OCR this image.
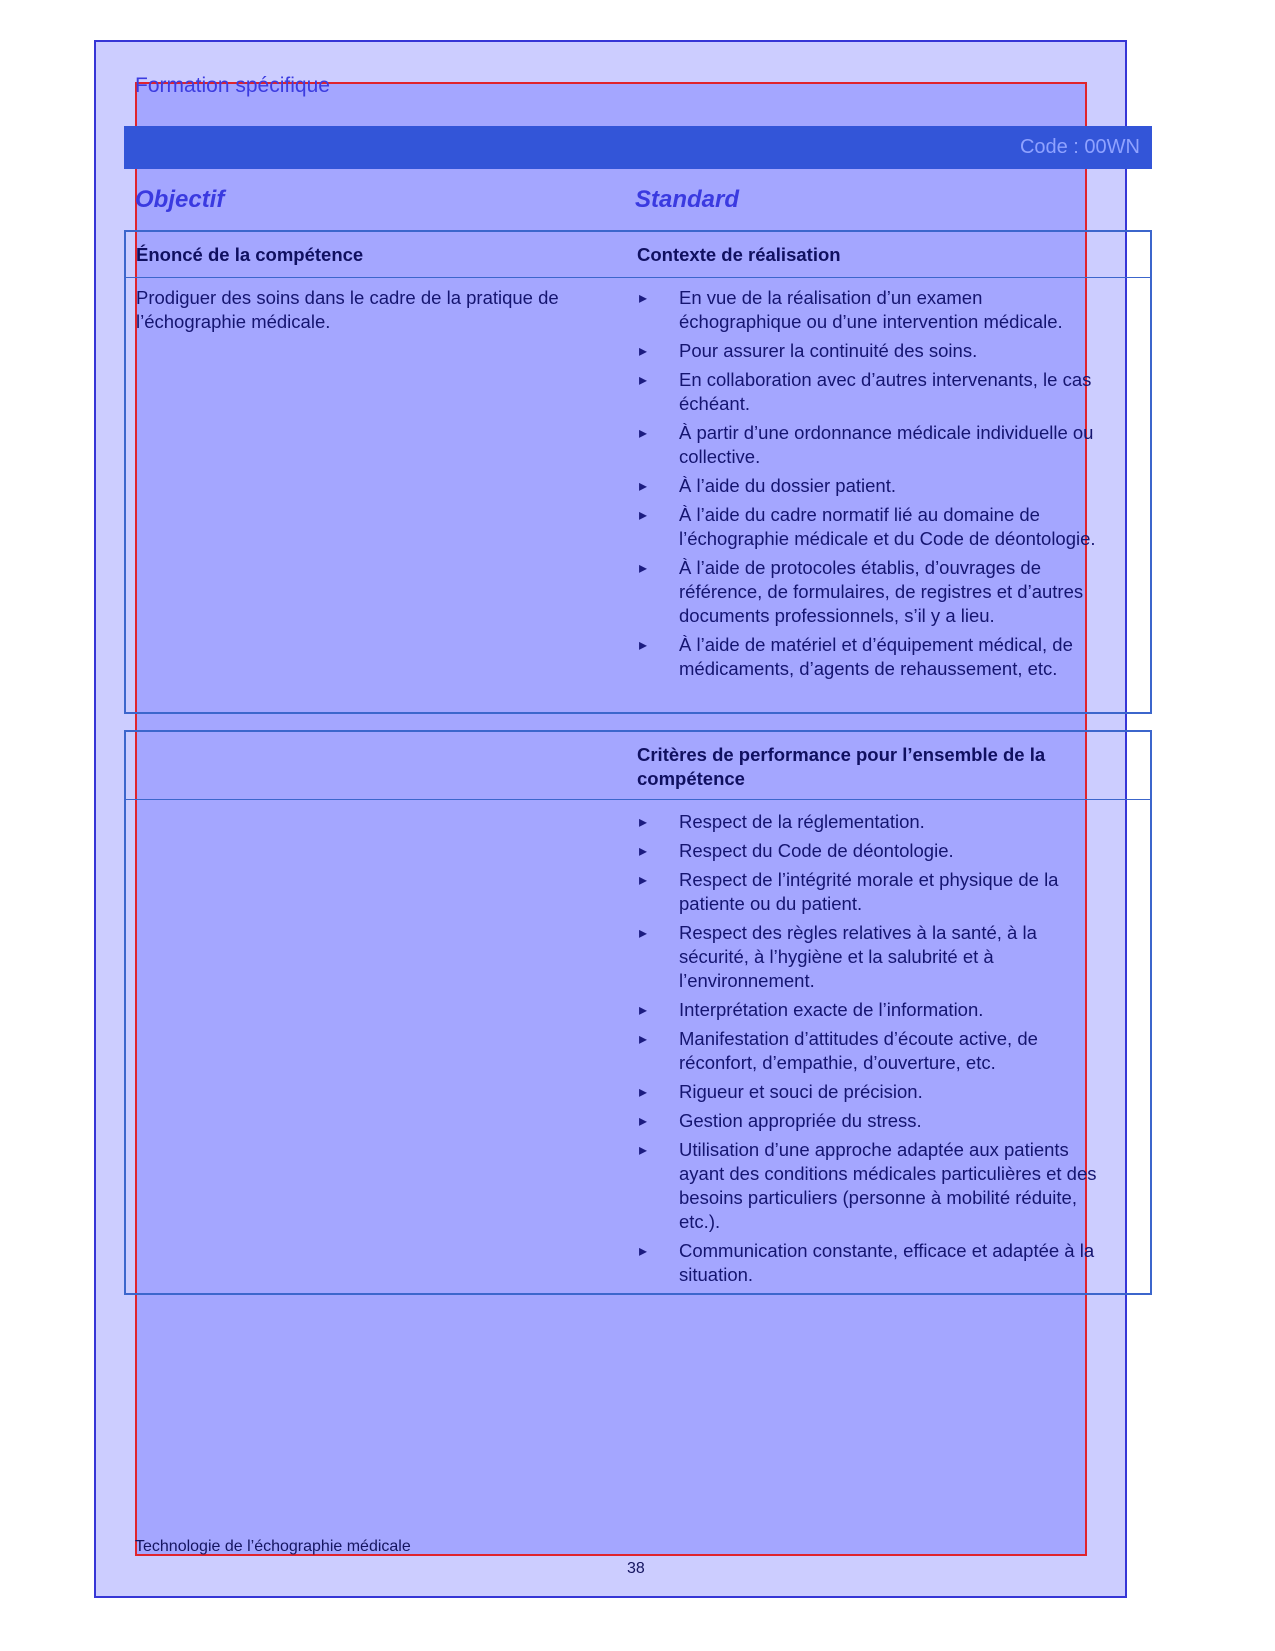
Formation spécifique
Code : 00WN
Objectif	Standard
Énoncé de la compétence	Contexte de réalisation
Prodiguer des soins dans le cadre de la pratique de l’échographie médicale.
▸ En vue de la réalisation d’un examen échographique ou d’une intervention médicale.
▸ Pour assurer la continuité des soins.
▸ En collaboration avec d’autres intervenants, le cas échéant.
▸ À partir d’une ordonnance médicale individuelle ou collective.
▸ À l’aide du dossier patient.
▸ À l’aide du cadre normatif lié au domaine de l’échographie médicale et du Code de déontologie.
▸ À l’aide de protocoles établis, d’ouvrages de référence, de formulaires, de registres et d’autres documents professionnels, s’il y a lieu.
▸ À l’aide de matériel et d’équipement médical, de médicaments, d’agents de rehaussement, etc.
Critères de performance pour l’ensemble de la compétence
▸ Respect de la réglementation.
▸ Respect du Code de déontologie.
▸ Respect de l’intégrité morale et physique de la patiente ou du patient.
▸ Respect des règles relatives à la santé, à la sécurité, à l’hygiène et la salubrité et à l’environnement.
▸ Interprétation exacte de l’information.
▸ Manifestation d’attitudes d’écoute active, de réconfort, d’empathie, d’ouverture, etc.
▸ Rigueur et souci de précision.
▸ Gestion appropriée du stress.
▸ Utilisation d’une approche adaptée aux patients ayant des conditions médicales particulières et des besoins particuliers (personne à mobilité réduite, etc.).
▸ Communication constante, efficace et adaptée à la situation.
Technologie de l’échographie médicale
38
